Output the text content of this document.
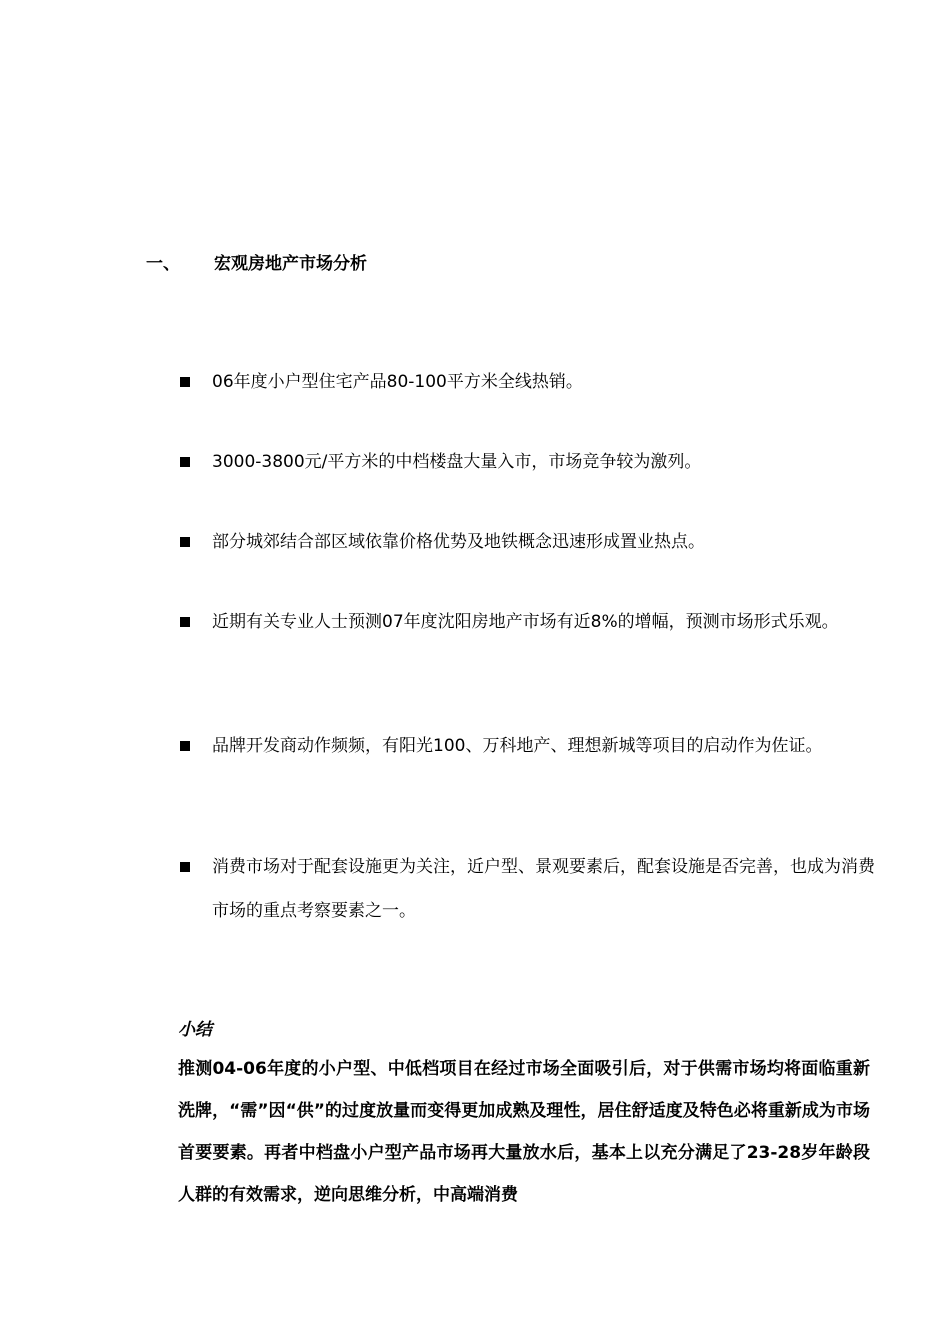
一、 宏观房地产市场分析
06年度小户型住宅产品80-100平方米全线热销。
3000-3800元/平方米的中档楼盘大量入市，市场竞争较为激列。
部分城郊结合部区域依靠价格优势及地铁概念迅速形成置业热点。
近期有关专业人士预测07年度沈阳房地产市场有近8%的增幅，预测市场形式乐观。
品牌开发商动作频频，有阳光100、万科地产、理想新城等项目的启动作为佐证。
消费市场对于配套设施更为关注，近户型、景观要素后，配套设施是否完善，也成为消费市场的重点考察要素之一。
小结
推测04-06年度的小户型、中低档项目在经过市场全面吸引后，对于供需市场均将面临重新洗牌，“需”因“供”的过度放量而变得更加成熟及理性，居住舒适度及特色必将重新成为市场首要要素。再者中档盘小户型产品市场再大量放水后，基本上以充分满足了23-28岁年龄段人群的有效需求，逆向思维分析，中高端消费
